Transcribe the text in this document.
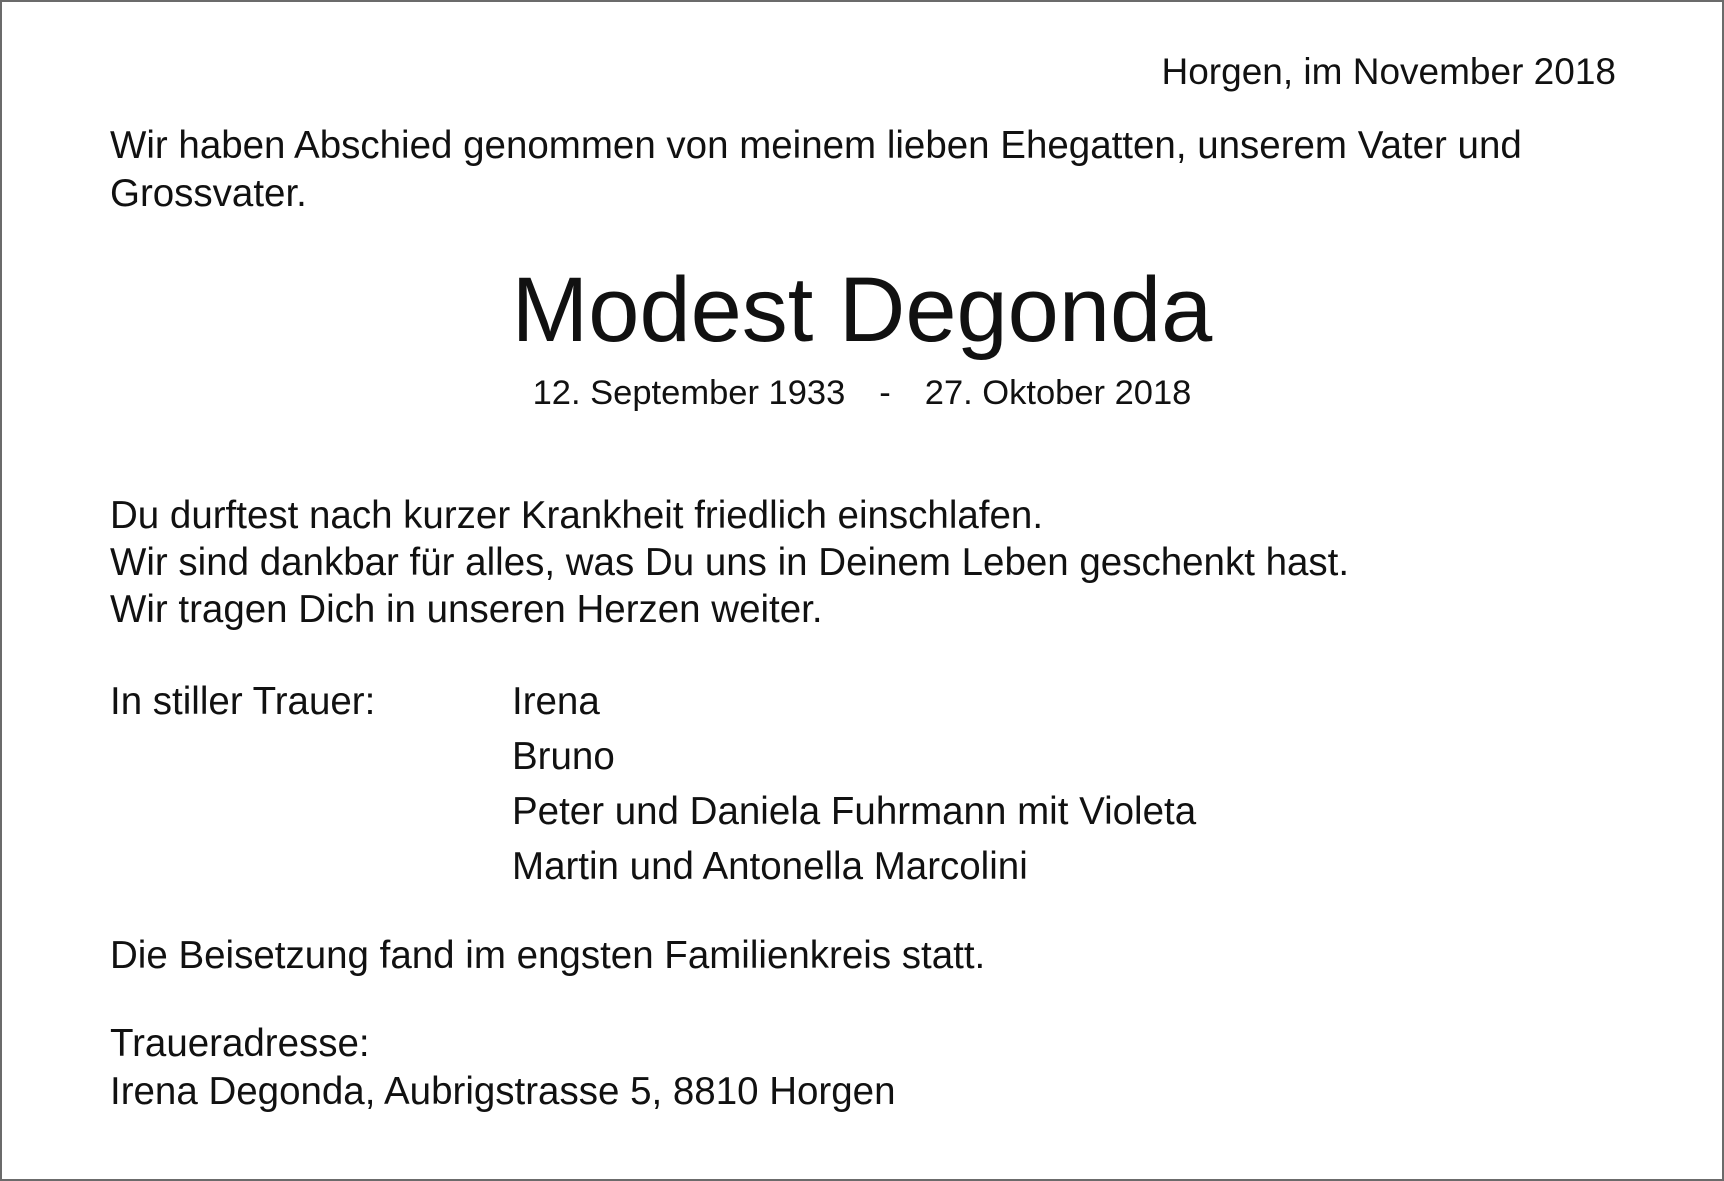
Horgen, im November 2018
Wir haben Abschied genommen von meinem lieben Ehegatten, unserem Vater und Grossvater.
Modest Degonda
12. September 1933 - 27. Oktober 2018
Du durftest nach kurzer Krankheit friedlich einschlafen.
Wir sind dankbar für alles, was Du uns in Deinem Leben geschenkt hast.
Wir tragen Dich in unseren Herzen weiter.
In stiller Trauer:	Irena
Bruno
Peter und Daniela Fuhrmann mit Violeta
Martin und Antonella Marcolini
Die Beisetzung fand im engsten Familienkreis statt.
Traueradresse:
Irena Degonda, Aubrigstrasse 5, 8810 Horgen
